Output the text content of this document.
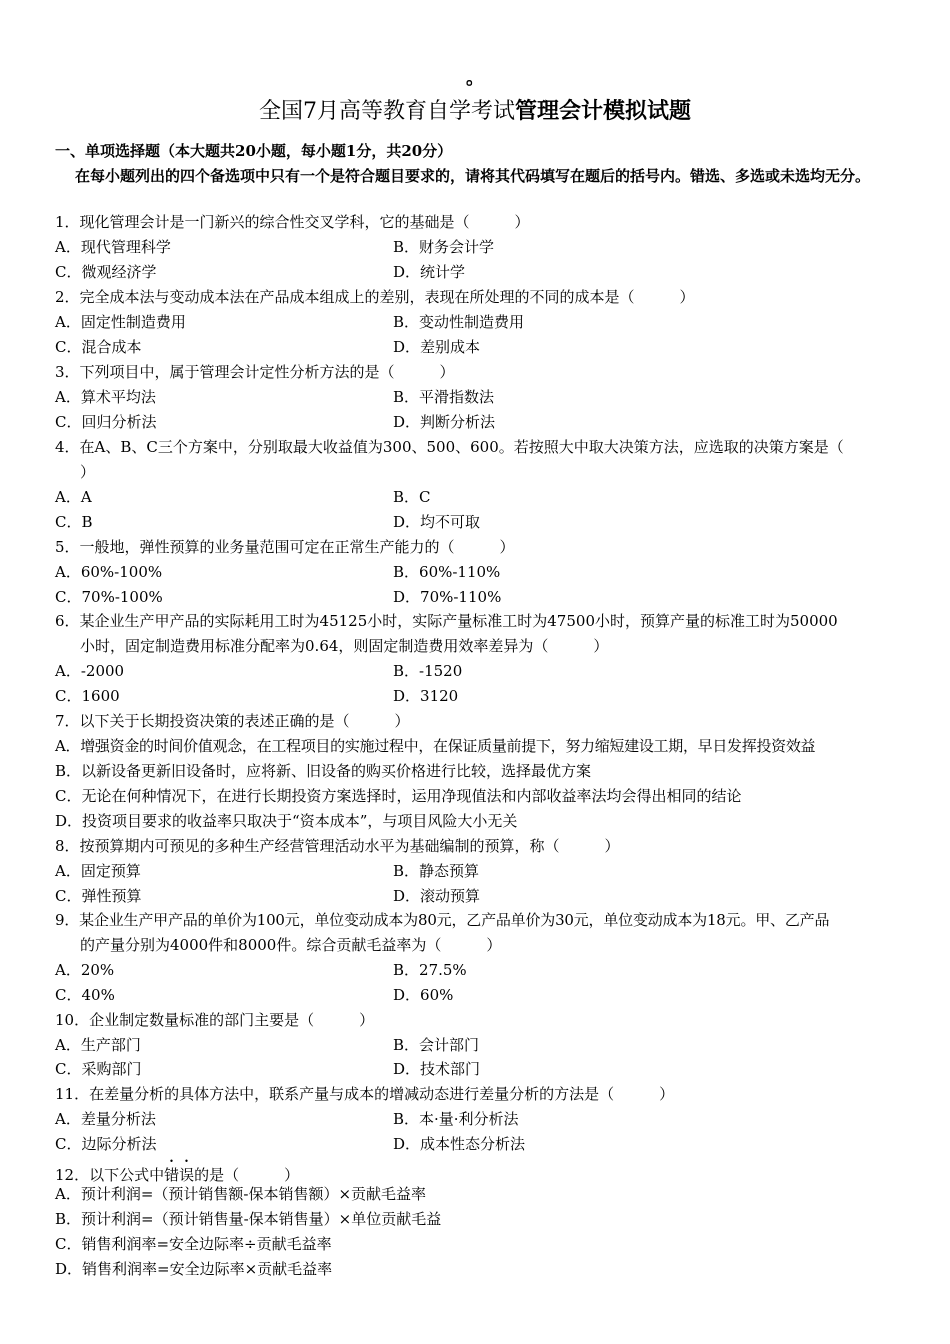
。
全国7月高等教育自学考试管理会计模拟试题
一、单项选择题（本大题共20小题，每小题1分，共20分）
在每小题列出的四个备选项中只有一个是符合题目要求的，请将其代码填写在题后的括号内。错选、多选或未选均无分。
1．现化管理会计是一门新兴的综合性交叉学科，它的基础是（　　　）
A．现代管理科学	B．财务会计学
C．微观经济学	D．统计学
2．完全成本法与变动成本法在产品成本组成上的差别，表现在所处理的不同的成本是（　　　）
A．固定性制造费用	B．变动性制造费用
C．混合成本	D．差别成本
3．下列项目中，属于管理会计定性分析方法的是（　　　）
A．算术平均法	B．平滑指数法
C．回归分析法	D．判断分析法
4．在A、B、C三个方案中，分别取最大收益值为300、500、600。若按照大中取大决策方法，应选取的决策方案是（
）
A．A	B．C
C．B	D．均不可取
5．一般地，弹性预算的业务量范围可定在正常生产能力的（　　　）
A．60%-100%	B．60%-110%
C．70%-100%	D．70%-110%
6．某企业生产甲产品的实际耗用工时为45125小时，实际产量标准工时为47500小时，预算产量的标准工时为50000
小时，固定制造费用标准分配率为0.64，则固定制造费用效率差异为（　　　）
A．-2000	B．-1520
C．1600	D．3120
7．以下关于长期投资决策的表述正确的是（　　　）
A．增强资金的时间价值观念，在工程项目的实施过程中，在保证质量前提下，努力缩短建设工期，早日发挥投资效益
B．以新设备更新旧设备时，应将新、旧设备的购买价格进行比较，选择最优方案
C．无论在何种情况下，在进行长期投资方案选择时，运用净现值法和内部收益率法均会得出相同的结论
D．投资项目要求的收益率只取决于“资本成本”，与项目风险大小无关
8．按预算期内可预见的多种生产经营管理活动水平为基础编制的预算，称（　　　）
A．固定预算	B．静态预算
C．弹性预算	D．滚动预算
9．某企业生产甲产品的单价为100元，单位变动成本为80元，乙产品单价为30元，单位变动成本为18元。甲、乙产品
的产量分别为4000件和8000件。综合贡献毛益率为（　　　）
A．20%	B．27.5%
C．40%	D．60%
10．企业制定数量标准的部门主要是（　　　）
A．生产部门	B．会计部门
C．采购部门	D．技术部门
11．在差量分析的具体方法中，联系产量与成本的增减动态进行差量分析的方法是（　　　）
A．差量分析法	B．本·量·利分析法
C．边际分析法	D．成本性态分析法
12．以下公式中错误的是（　　　）
A．预计利润=（预计销售额-保本销售额）×贡献毛益率
B．预计利润=（预计销售量-保本销售量）×单位贡献毛益
C．销售利润率=安全边际率÷贡献毛益率
D．销售利润率=安全边际率×贡献毛益率
